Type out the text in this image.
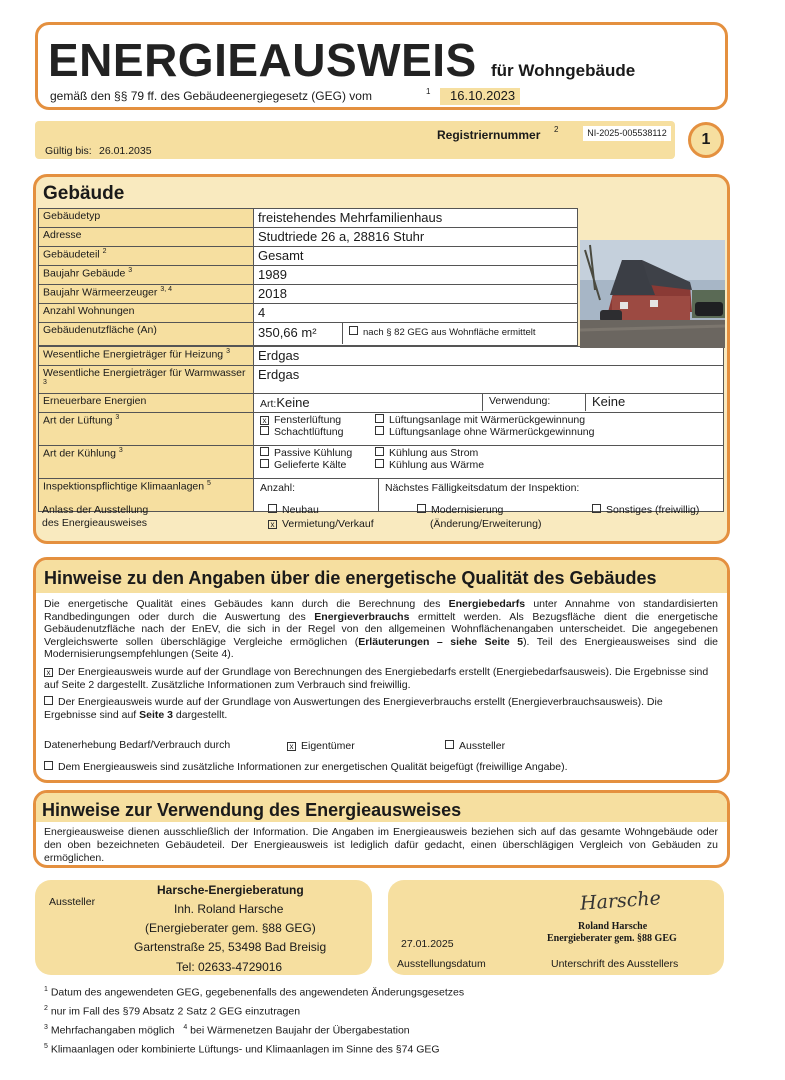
ENERGIEAUSWEIS für Wohngebäude
gemäß den §§ 79 ff. des Gebäudeenergiegesetz (GEG) vom	1	16.10.2023
Gültig bis: 26.01.2035
Registriernummer 2	NI-2025-005538112	1
Gebäude
Gebäudetyp	freistehendes Mehrfamilienhaus
Adresse	Studtriede 26 a, 28816 Stuhr
Gebäudeteil $^2$	Gesamt
Baujahr Gebäude $^3$	1989
Baujahr Wärmeerzeuger $^{3, 4}$	2018
Anzahl Wohnungen	4
Gebäudenutzfläche (An)	350,66 m² nach § 82 GEG aus Wohnfläche ermittelt
Wesentliche Energieträger für Heizung $^3$	Erdgas
Wesentliche Energieträger für Warmwasser $^3$	Erdgas
Erneuerbare Energien	Art:Keine Verwendung: Keine

Art der Lüftung $^3$	x Fensterlüftung Lüftungsanlage mit Wärmerückgewinnung
Schachtlüftung Lüftungsanlage ohne Wärmerückgewinnung

Art der Kühlung $^3$	Passive Kühlung Kühlung aus Strom
Gelieferte Kälte Kühlung aus Wärme

Inspektionspflichtige Klimaanlagen $^5$	Anzahl: Nächstes Fälligkeitsdatum der Inspektion:
Anlass der Ausstellung
des Energieausweises
Neubau
x Vermietung/Verkauf
Modernisierung
(Änderung/Erweiterung)
Sonstiges (freiwillig)
Hinweise zu den Angaben über die energetische Qualität des Gebäudes
Die energetische Qualität eines Gebäudes kann durch die Berechnung des Energiebedarfs unter Annahme von standardisierten Randbedingungen oder durch die Auswertung des Energieverbrauchs ermittelt werden. Als Bezugsfläche dient die energetische Gebäudenutzfläche nach der EnEV, die sich in der Regel von den allgemeinen Wohnflächenangaben unterscheidet. Die angegebenen Vergleichswerte sollen überschlägige Vergleiche ermöglichen (Erläuterungen – siehe Seite 5). Teil des Energieausweises sind die Modernisierungsempfehlungen (Seite 4).
x Der Energieausweis wurde auf der Grundlage von Berechnungen des Energiebedarfs erstellt (Energiebedarfsausweis). Die Ergebnisse sind auf Seite 2 dargestellt. Zusätzliche Informationen zum Verbrauch sind freiwillig.
Der Energieausweis wurde auf der Grundlage von Auswertungen des Energieverbrauchs erstellt (Energieverbrauchsausweis). Die Ergebnisse sind auf Seite 3 dargestellt.
Datenerhebung Bedarf/Verbrauch durch	x Eigentümer	Aussteller
Dem Energieausweis sind zusätzliche Informationen zur energetischen Qualität beigefügt (freiwillige Angabe).
Hinweise zur Verwendung des Energieausweises
Energieausweise dienen ausschließlich der Information. Die Angaben im Energieausweis beziehen sich auf das gesamte Wohngebäude oder den oben bezeichneten Gebäudeteil. Der Energieausweis ist lediglich dafür gedacht, einen überschlägigen Vergleich von Gebäuden zu ermöglichen.
Aussteller
Harsche-Energieberatung
Inh. Roland Harsche
(Energieberater gem. §88 GEG)
Gartenstraße 25, 53498 Bad Breisig
Tel: 02633-4729016
Harsche
Roland Harsche
Energieberater gem. §88 GEG
27.01.2025
Ausstellungsdatum	Unterschrift des Ausstellers
$^1$ Datum des angewendeten GEG, gegebenenfalls des angewendeten Änderungsgesetzes
$^2$ nur im Fall des §79 Absatz 2 Satz 2 GEG einzutragen
$^3$ Mehrfachangaben möglich $^4$ bei Wärmenetzen Baujahr der Übergabestation
$^5$ Klimaanlagen oder kombinierte Lüftungs- und Klimaanlagen im Sinne des §74 GEG
